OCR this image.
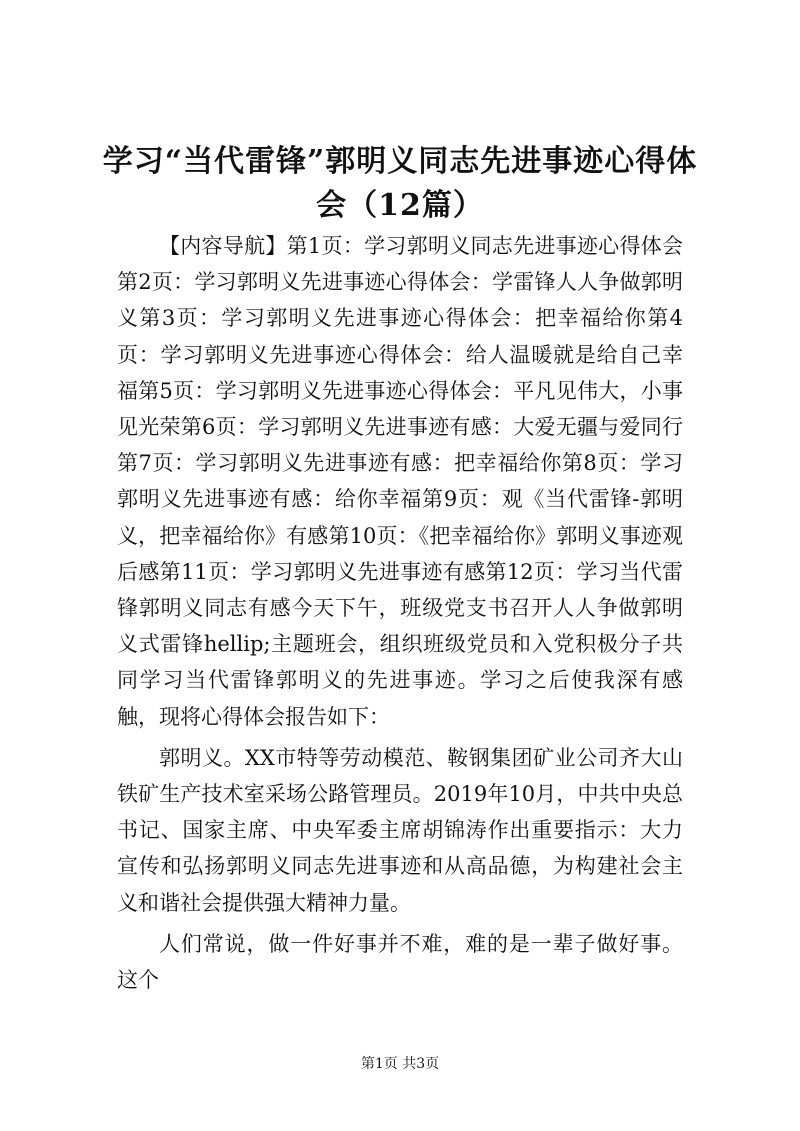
学习“当代雷锋”郭明义同志先进事迹心得体会（12篇）

【内容导航】第1页：学习郭明义同志先进事迹心得体会第2页：学习郭明义先进事迹心得体会：学雷锋人人争做郭明义第3页：学习郭明义先进事迹心得体会：把幸福给你第4页：学习郭明义先进事迹心得体会：给人温暖就是给自己幸福第5页：学习郭明义先进事迹心得体会：平凡见伟大，小事见光荣第6页：学习郭明义先进事迹有感：大爱无疆与爱同行第7页：学习郭明义先进事迹有感：把幸福给你第8页：学习郭明义先进事迹有感：给你幸福第9页：观《当代雷锋-郭明义，把幸福给你》有感第10页：《把幸福给你》郭明义事迹观后感第11页：学习郭明义先进事迹有感第12页：学习当代雷锋郭明义同志有感今天下午，班级党支书召开人人争做郭明义式雷锋hellip;主题班会，组织班级党员和入党积极分子共同学习当代雷锋郭明义的先进事迹。学习之后使我深有感触，现将心得体会报告如下：

郭明义。XX市特等劳动模范、鞍钢集团矿业公司齐大山铁矿生产技术室采场公路管理员。2019年10月，中共中央总书记、国家主席、中央军委主席胡锦涛作出重要指示：大力宣传和弘扬郭明义同志先进事迹和从高品德，为构建社会主义和谐社会提供强大精神力量。

人们常说，做一件好事并不难，难的是一辈子做好事。这个

第1页 共3页
